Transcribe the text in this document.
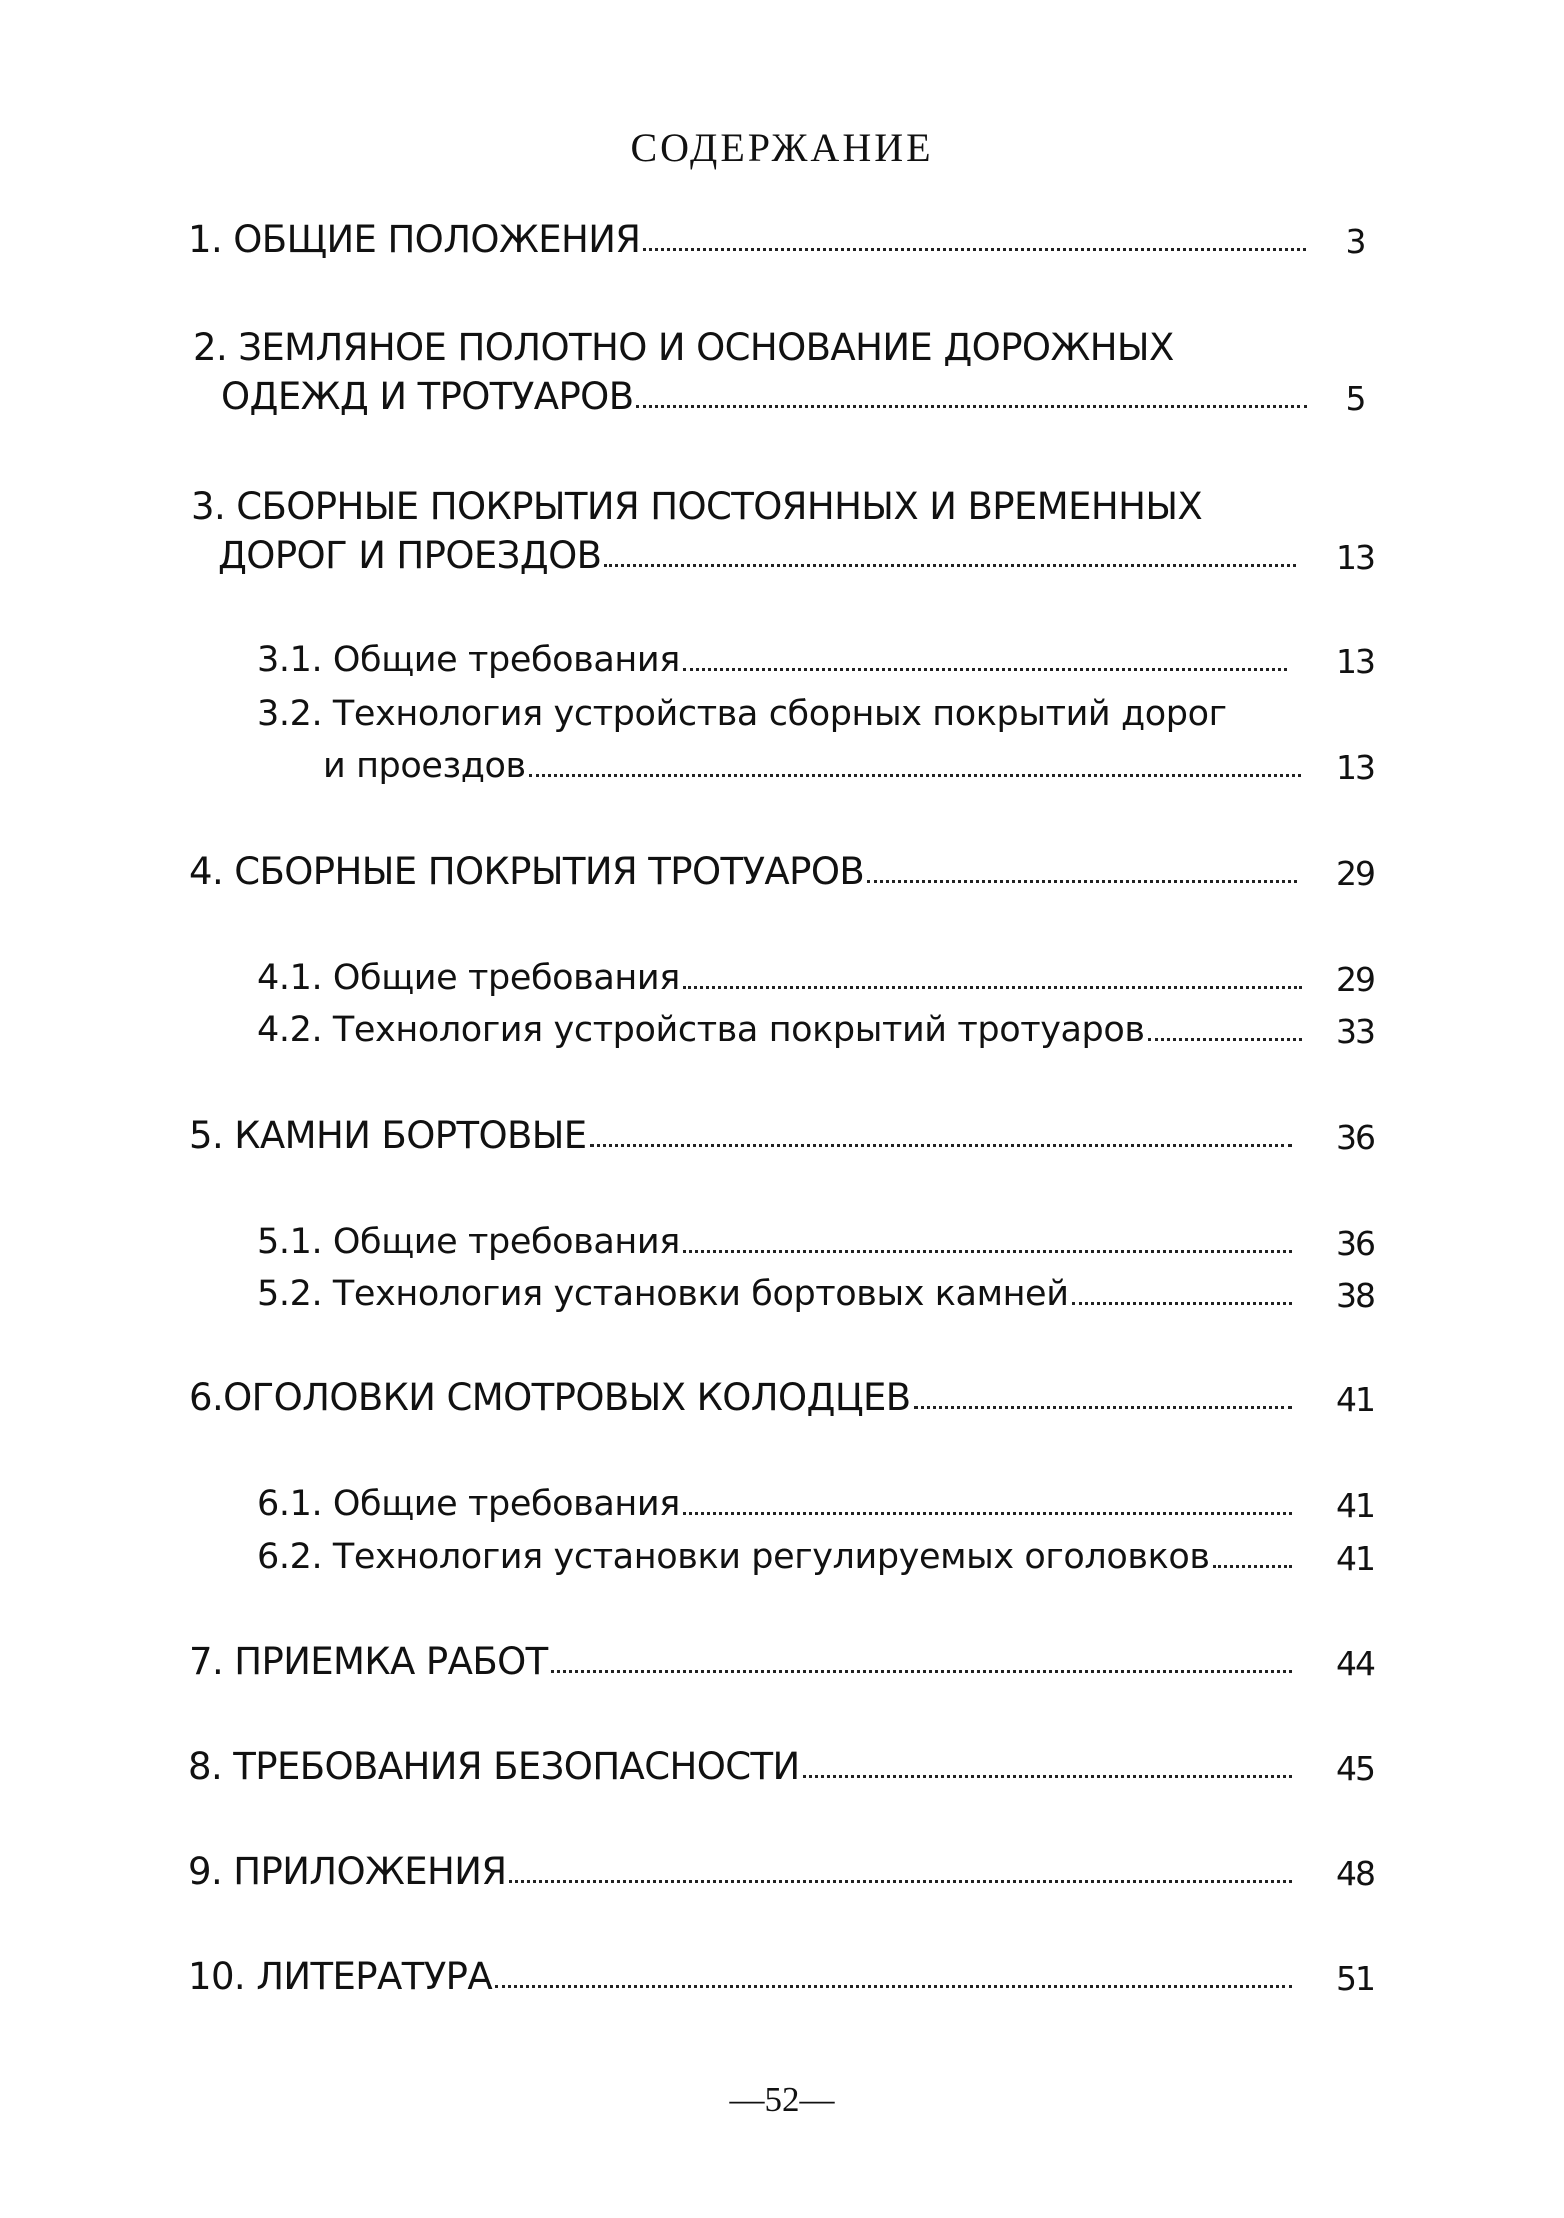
СОДЕРЖАНИЕ
1. ОБЩИЕ ПОЛОЖЕНИЯ	3
2. ЗЕМЛЯНОЕ ПОЛОТНО И ОСНОВАНИЕ ДОРОЖНЫХ
ОДЕЖД И ТРОТУАРОВ	5
3. СБОРНЫЕ ПОКРЫТИЯ ПОСТОЯННЫХ И ВРЕМЕННЫХ
ДОРОГ И ПРОЕЗДОВ	13
3.1. Общие требования	13
3.2. Технология устройства сборных покрытий дорог
и проездов	13
4. СБОРНЫЕ ПОКРЫТИЯ ТРОТУАРОВ	29
4.1. Общие требования	29
4.2. Технология устройства покрытий тротуаров	33
5. КАМНИ БОРТОВЫЕ	36
5.1. Общие требования	36
5.2. Технология установки бортовых камней	38
6.ОГОЛОВКИ СМОТРОВЫХ КОЛОДЦЕВ	41
6.1. Общие требования	41
6.2. Технология установки регулируемых оголовков	41
7. ПРИЕМКА РАБОТ	44
8. ТРЕБОВАНИЯ БЕЗОПАСНОСТИ	45
9. ПРИЛОЖЕНИЯ	48
10. ЛИТЕРАТУРА	51
—52—
